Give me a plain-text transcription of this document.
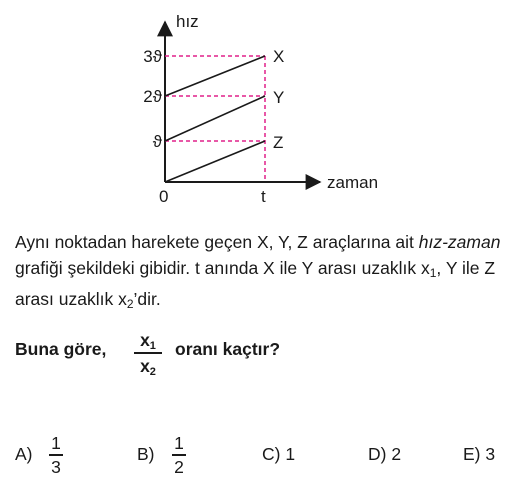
hız
zaman
0	t
3ϑ
2ϑ
ϑ
X
Y
Z

Aynı noktadan harekete geçen X, Y, Z araçlarına ait hız-zaman grafiği şekildeki gibidir. t anında X ile Y arası uzaklık $x_1$, Y ile Z arası uzaklık $x_2’dir$.

Buna göre,	$x_1$
$x_2$
oranı kaçtır?
A)
1
3
B)
1
2
C) 1	D) 2	E) 3
